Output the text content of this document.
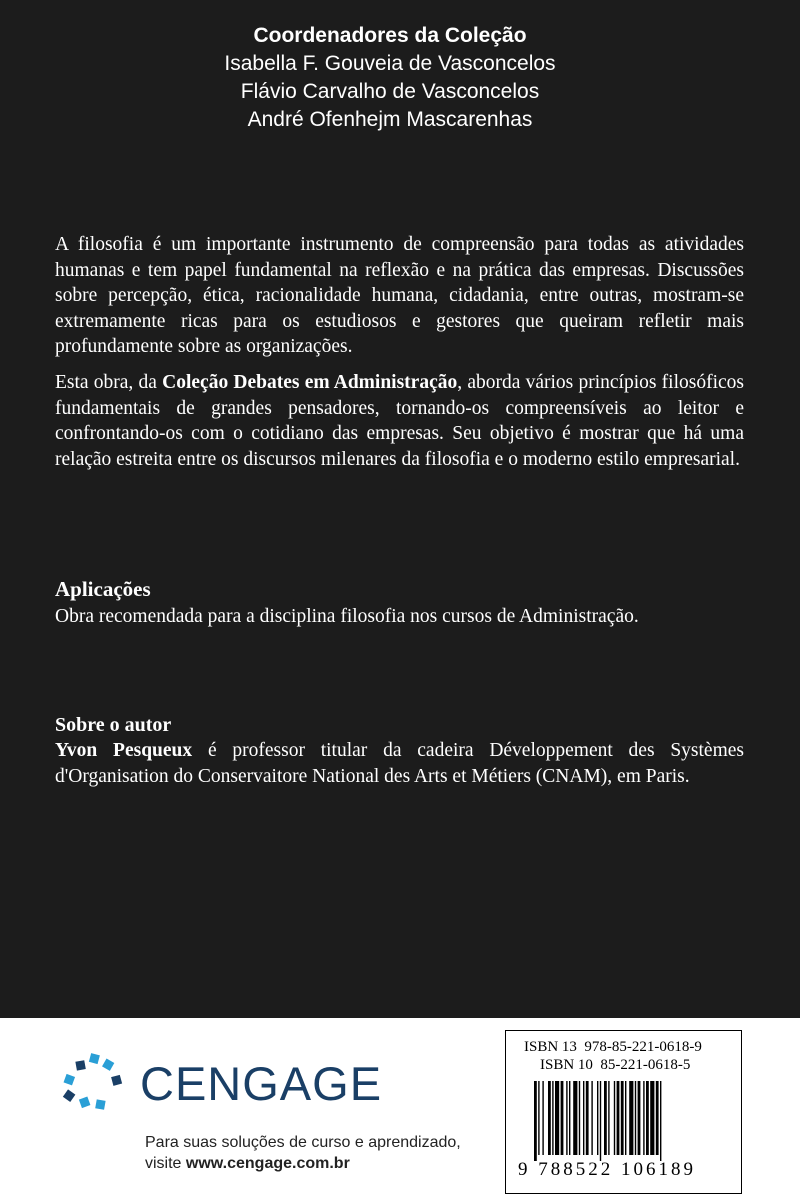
Coordenadores da Coleção
Isabella F. Gouveia de Vasconcelos
Flávio Carvalho de Vasconcelos
André Ofenhejm Mascarenhas

A filosofia é um importante instrumento de compreensão para todas as atividades humanas e tem papel fundamental na reflexão e na prática das empresas. Discussões sobre percepção, ética, racionalidade humana, cidadania, entre outras, mostram-se extremamente ricas para os estudiosos e gestores que queiram refletir mais profundamente sobre as organizações.

Esta obra, da Coleção Debates em Administração, aborda vários princípios filosóficos fundamentais de grandes pensadores, tornando-os compreensíveis ao leitor e confrontando-os com o cotidiano das empresas. Seu objetivo é mostrar que há uma relação estreita entre os discursos milenares da filosofia e o moderno estilo empresarial.

Aplicações
Obra recomendada para a disciplina filosofia nos cursos de Administração.
Sobre o autor
Yvon Pesqueux é professor titular da cadeira Développement des Systèmes d'Organisation do Conservaitore National des Arts et Métiers (CNAM), em Paris.
CENGAGE
Para suas soluções de curso e aprendizado,
visite www.cengage.com.br
ISBN 13  978-85-221-0618-9
ISBN 10  85-221-0618-5
9 788522 106189
